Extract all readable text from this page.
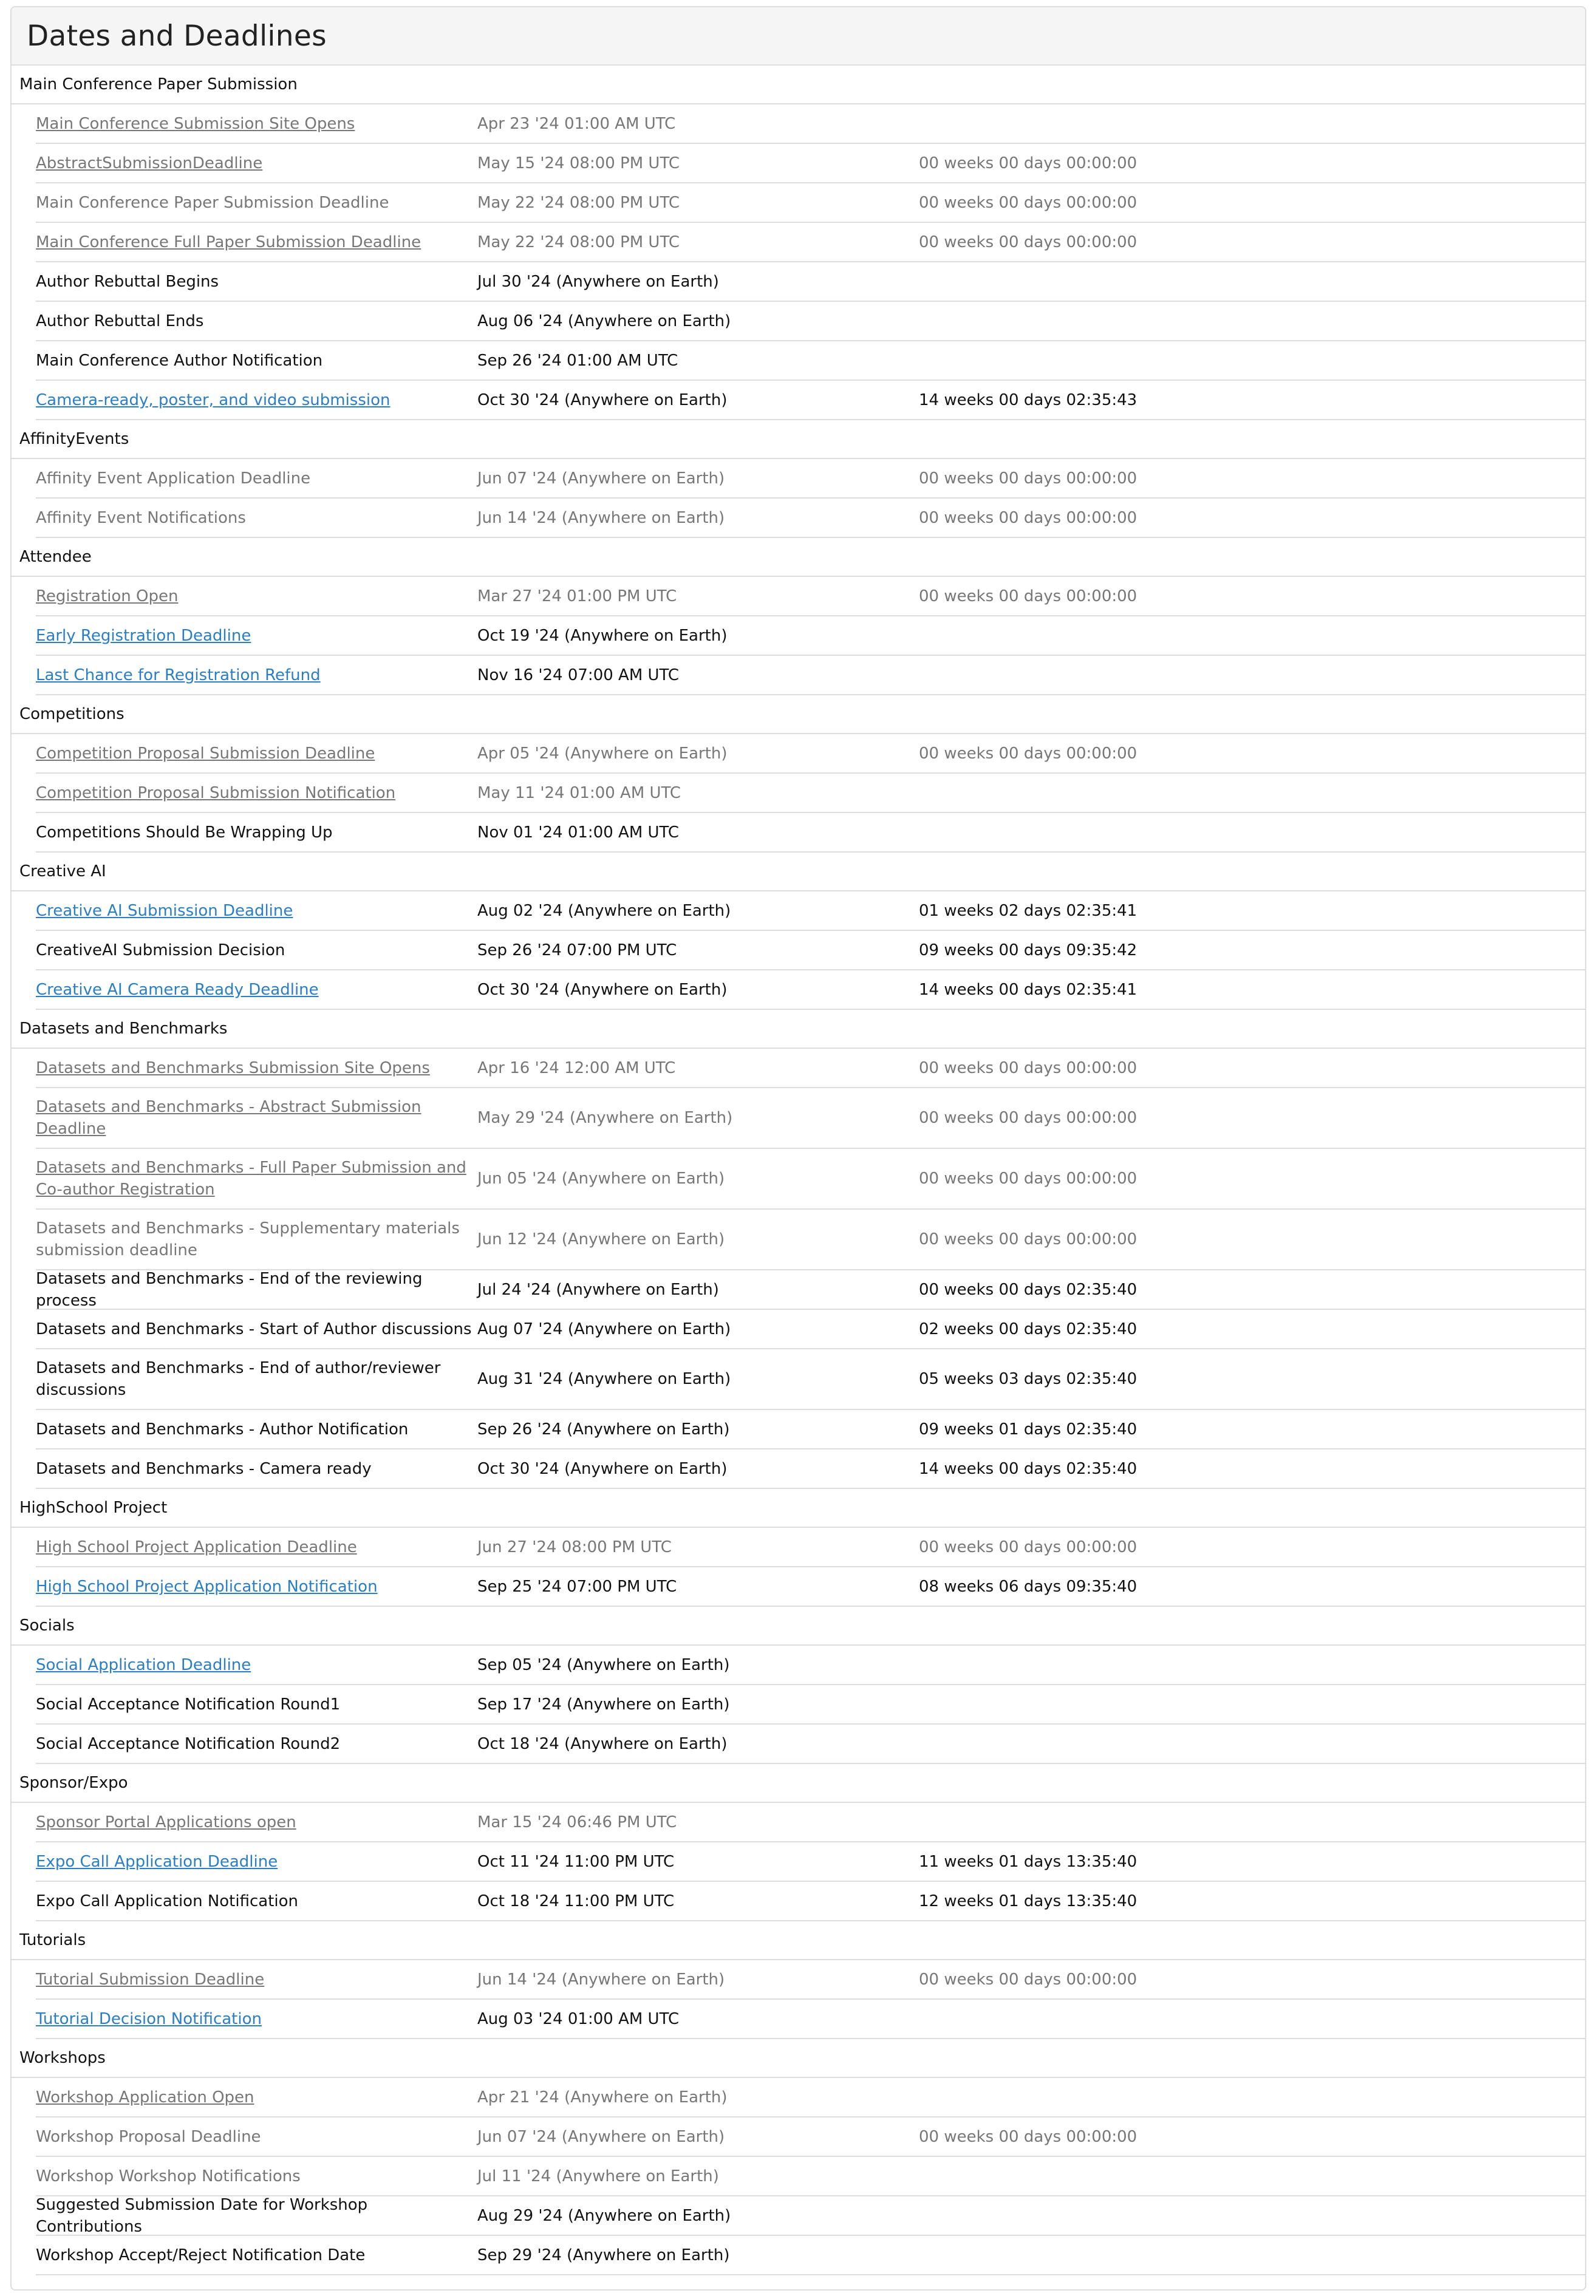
Dates and Deadlines
Main Conference Paper Submission
Main Conference Submission Site Opens	Apr 23 '24 01:00 AM UTC
AbstractSubmissionDeadline	May 15 '24 08:00 PM UTC	00 weeks 00 days 00:00:00
Main Conference Paper Submission Deadline	May 22 '24 08:00 PM UTC	00 weeks 00 days 00:00:00
Main Conference Full Paper Submission Deadline	May 22 '24 08:00 PM UTC	00 weeks 00 days 00:00:00
Author Rebuttal Begins	Jul 30 '24 (Anywhere on Earth)
Author Rebuttal Ends	Aug 06 '24 (Anywhere on Earth)
Main Conference Author Notification	Sep 26 '24 01:00 AM UTC
Camera-ready, poster, and video submission	Oct 30 '24 (Anywhere on Earth)	14 weeks 00 days 02:35:43
AffinityEvents
Affinity Event Application Deadline	Jun 07 '24 (Anywhere on Earth)	00 weeks 00 days 00:00:00
Affinity Event Notifications	Jun 14 '24 (Anywhere on Earth)	00 weeks 00 days 00:00:00
Attendee
Registration Open	Mar 27 '24 01:00 PM UTC	00 weeks 00 days 00:00:00
Early Registration Deadline	Oct 19 '24 (Anywhere on Earth)
Last Chance for Registration Refund	Nov 16 '24 07:00 AM UTC
Competitions
Competition Proposal Submission Deadline	Apr 05 '24 (Anywhere on Earth)	00 weeks 00 days 00:00:00
Competition Proposal Submission Notification	May 11 '24 01:00 AM UTC
Competitions Should Be Wrapping Up	Nov 01 '24 01:00 AM UTC
Creative AI
Creative AI Submission Deadline	Aug 02 '24 (Anywhere on Earth)	01 weeks 02 days 02:35:41
CreativeAI Submission Decision	Sep 26 '24 07:00 PM UTC	09 weeks 00 days 09:35:42
Creative AI Camera Ready Deadline	Oct 30 '24 (Anywhere on Earth)	14 weeks 00 days 02:35:41
Datasets and Benchmarks
Datasets and Benchmarks Submission Site Opens	Apr 16 '24 12:00 AM UTC	00 weeks 00 days 00:00:00
Datasets and Benchmarks - Abstract Submission Deadline
May 29 '24 (Anywhere on Earth)	00 weeks 00 days 00:00:00
Datasets and Benchmarks - Full Paper Submission and Co-author Registration
Jun 05 '24 (Anywhere on Earth)	00 weeks 00 days 00:00:00
Datasets and Benchmarks - Supplementary materials submission deadline
Jun 12 '24 (Anywhere on Earth)	00 weeks 00 days 00:00:00
Datasets and Benchmarks - End of the reviewing process
Jul 24 '24 (Anywhere on Earth)	00 weeks 00 days 02:35:40
Datasets and Benchmarks - Start of Author discussions Aug 07 '24 (Anywhere on Earth)	02 weeks 00 days 02:35:40
Datasets and Benchmarks - End of author/reviewer discussions
Aug 31 '24 (Anywhere on Earth)	05 weeks 03 days 02:35:40
Datasets and Benchmarks - Author Notification	Sep 26 '24 (Anywhere on Earth)	09 weeks 01 days 02:35:40
Datasets and Benchmarks - Camera ready	Oct 30 '24 (Anywhere on Earth)	14 weeks 00 days 02:35:40
HighSchool Project
High School Project Application Deadline	Jun 27 '24 08:00 PM UTC	00 weeks 00 days 00:00:00
High School Project Application Notification	Sep 25 '24 07:00 PM UTC	08 weeks 06 days 09:35:40
Socials
Social Application Deadline	Sep 05 '24 (Anywhere on Earth)
Social Acceptance Notification Round1	Sep 17 '24 (Anywhere on Earth)
Social Acceptance Notification Round2	Oct 18 '24 (Anywhere on Earth)
Sponsor/Expo
Sponsor Portal Applications open	Mar 15 '24 06:46 PM UTC
Expo Call Application Deadline	Oct 11 '24 11:00 PM UTC	11 weeks 01 days 13:35:40
Expo Call Application Notification	Oct 18 '24 11:00 PM UTC	12 weeks 01 days 13:35:40
Tutorials
Tutorial Submission Deadline	Jun 14 '24 (Anywhere on Earth)	00 weeks 00 days 00:00:00
Tutorial Decision Notification	Aug 03 '24 01:00 AM UTC
Workshops
Workshop Application Open	Apr 21 '24 (Anywhere on Earth)
Workshop Proposal Deadline	Jun 07 '24 (Anywhere on Earth)	00 weeks 00 days 00:00:00
Workshop Workshop Notifications	Jul 11 '24 (Anywhere on Earth)
Suggested Submission Date for Workshop Contributions
Aug 29 '24 (Anywhere on Earth)
Workshop Accept/Reject Notification Date	Sep 29 '24 (Anywhere on Earth)
